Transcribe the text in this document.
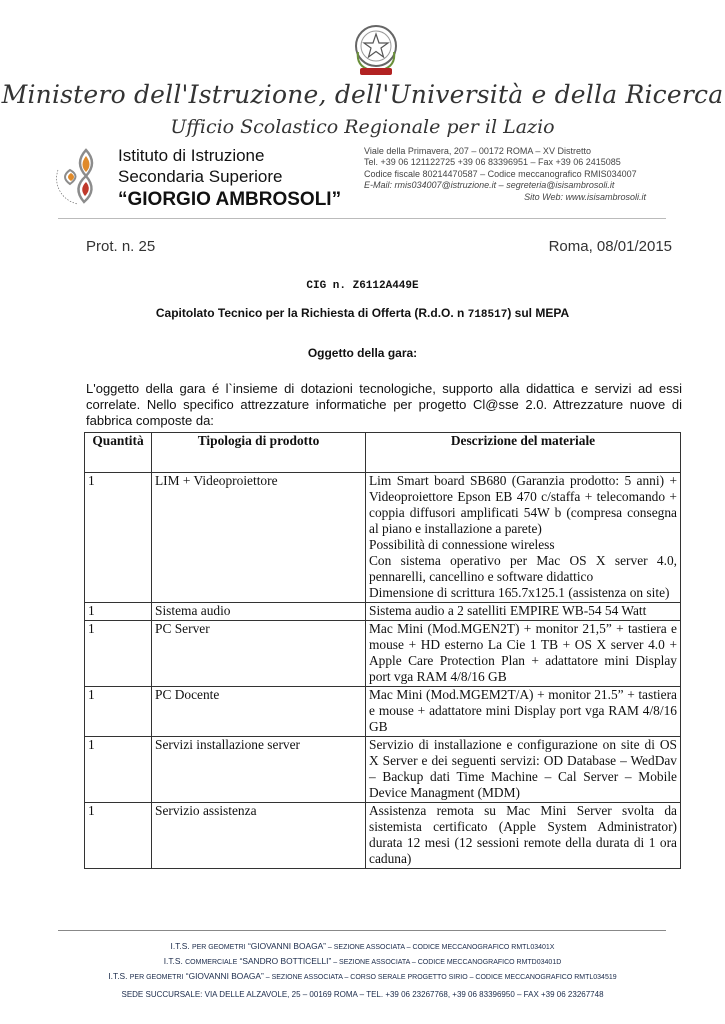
Ministero dell'Istruzione, dell'Università e della Ricerca
Ufficio Scolastico Regionale per il Lazio
Istituto di Istruzione
Secondaria Superiore
“GIORGIO AMBROSOLI”
Viale della Primavera, 207 – 00172 ROMA – XV Distretto
Tel. +39 06 121122725 +39 06 83396951 – Fax +39 06 2415085
Codice fiscale 80214470587 – Codice meccanografico RMIS034007
E-Mail: rmis034007@istruzione.it – segreteria@isisambrosoli.it
Sito Web: www.isisambrosoli.it
Prot. n. 25	Roma, 08/01/2015
CIG n. Z6112A449E
Capitolato Tecnico per la Richiesta di Offerta (R.d.O. n 718517) sul MEPA
Oggetto della gara:
L'oggetto della gara é l`insieme di dotazioni tecnologiche, supporto alla didattica e servizi ad essi correlate. Nello specifico attrezzature informatiche per progetto Cl@sse 2.0. Attrezzature nuove di fabbrica composte da:
Quantità	Tipologia di prodotto	Descrizione del materiale
1	LIM + Videoproiettore	Lim Smart board SB680 (Garanzia prodotto: 5 anni) + Videoproiettore Epson EB 470 c/staffa + telecomando + coppia diffusori amplificati 54W b (compresa consegna al piano e installazione a parete)
Possibilità di connessione wireless
Con sistema operativo per Mac OS X server 4.0, pennarelli, cancellino e software didattico
Dimensione di scrittura 165.7x125.1 (assistenza on site)

1	Sistema audio	Sistema audio a 2 satelliti EMPIRE WB-54 54 Watt
1	PC Server	Mac Mini (Mod.MGEN2T) + monitor 21,5” + tastiera e mouse + HD esterno La Cie 1 TB + OS X server 4.0 + Apple Care Protection Plan + adattatore mini Display port vga RAM 4/8/16 GB
1	PC Docente	Mac Mini (Mod.MGEM2T/A) + monitor 21.5” + tastiera e mouse + adattatore mini Display port vga RAM 4/8/16 GB
1	Servizi installazione server	Servizio di installazione e configurazione on site di OS X Server e dei seguenti servizi: OD Database – WedDav – Backup dati Time Machine – Cal Server – Mobile Device Managment (MDM)
1	Servizio assistenza	Assistenza remota su Mac Mini Server svolta da sistemista certificato (Apple System Administrator) durata 12 mesi (12 sessioni remote della durata di 1 ora caduna)
I.T.S. PER GEOMETRI “GIOVANNI BOAGA” – SEZIONE ASSOCIATA – CODICE MECCANOGRAFICO RMTL03401X
I.T.S. COMMERCIALE “SANDRO BOTTICELLI” – SEZIONE ASSOCIATA – CODICE MECCANOGRAFICO RMTD03401D
I.T.S. PER GEOMETRI “GIOVANNI BOAGA” – SEZIONE ASSOCIATA – CORSO SERALE PROGETTO SIRIO – CODICE MECCANOGRAFICO RMTL034519
SEDE SUCCURSALE: VIA DELLE ALZAVOLE, 25 – 00169 ROMA – TEL. +39 06 23267768, +39 06 83396950 – FAX +39 06 23267748
